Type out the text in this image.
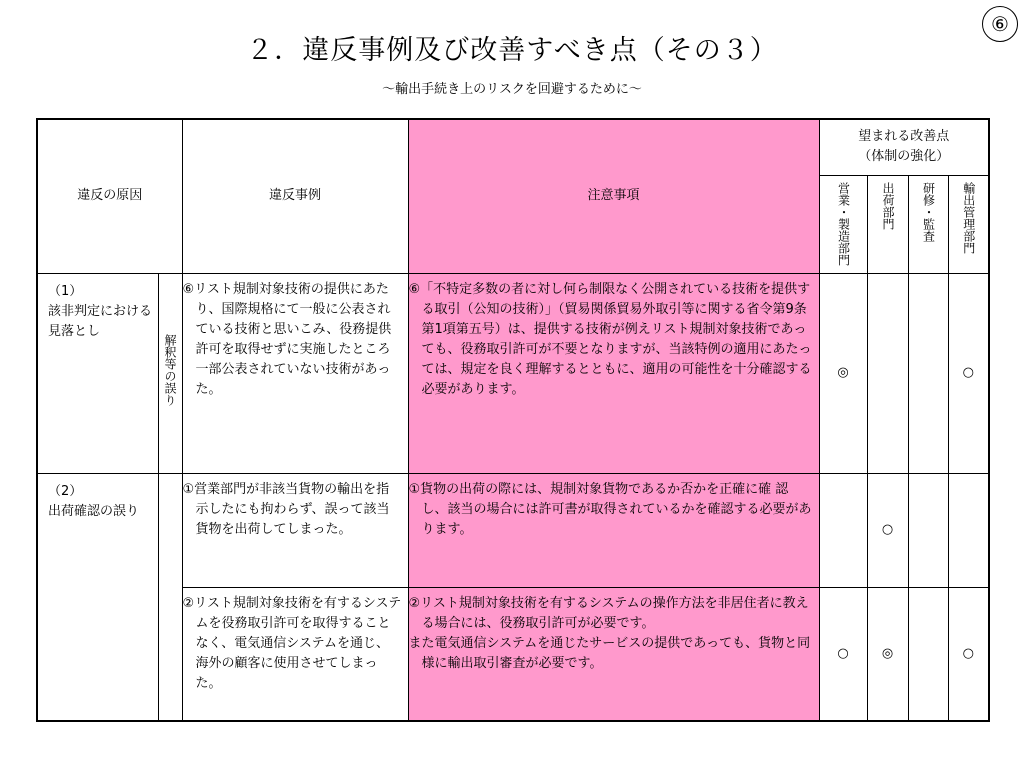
⑥
２．違反事例及び改善すべき点（その３）
～輸出手続き上のリスクを回避するために～
違反の原因		違反事例	注意事項	望まれる改善点
（体制の強化）			

				営業・製造部門	出荷部門	研修・監査	輸出管理部門

（1）
該非判定における見落とし	解釈等の誤り	⑥リスト規制対象技術の提供にあたり、国際規格にて一般に公表されている技術と思いこみ、役務提供許可を取得せずに実施したところ一部公表されていない技術があった。	⑥「不特定多数の者に対し何ら制限なく公開されている技術を提供する取引（公知の技術）」（貿易関係貿易外取引等に関する省令第9条第1項第五号）は、提供する技術が例えリスト規制対象技術であっても、役務取引許可が不要となりますが、当該特例の適用にあたっては、規定を良く理解するとともに、適用の可能性を十分確認する必要があります。	◎			○

（2）
出荷確認の誤り		①営業部門が非該当貨物の輸出を指示したにも拘わらず、誤って該当貨物を出荷してしまった。	①貨物の出荷の際には、規制対象貨物であるか否かを正確に確 認し、該当の場合には許可書が取得されているかを確認する必要があります。		○		

		②リスト規制対象技術を有するシステムを役務取引許可を取得することなく、電気通信システムを通じ、海外の顧客に使用させてしまった。	②リスト規制対象技術を有するシステムの操作方法を非居住者に教える場合には、役務取引許可が必要です。
また電気通信システムを通じたサービスの提供であっても、貨物と同様に輸出取引審査が必要です。	○	◎		○
